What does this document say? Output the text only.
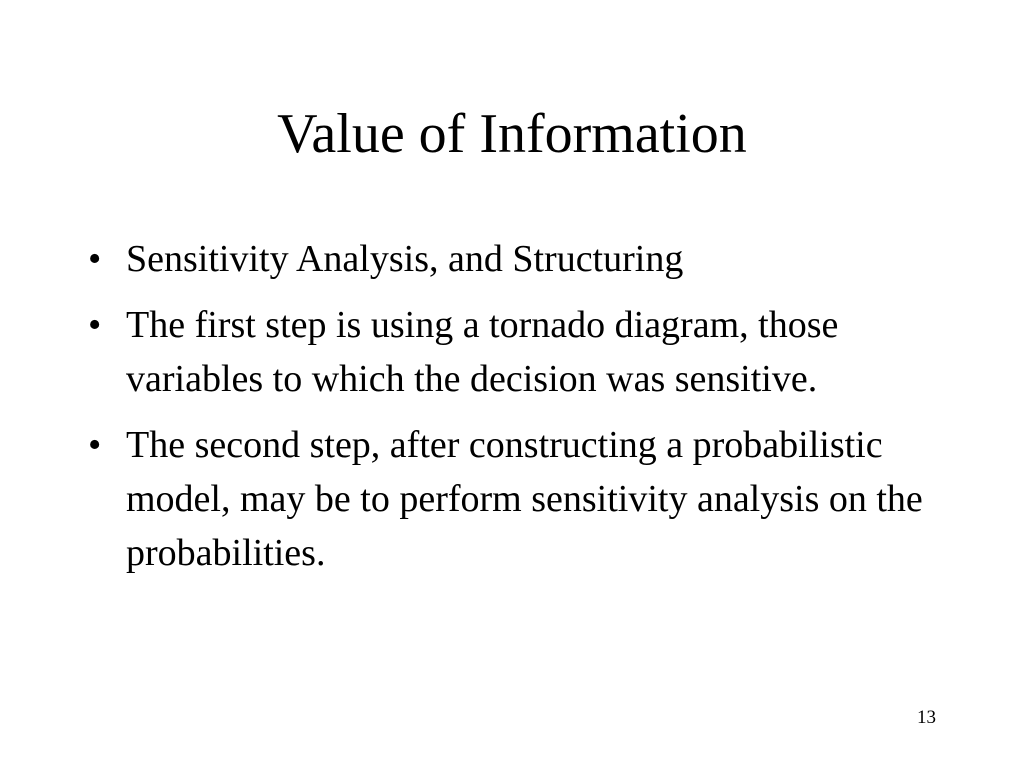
Value of Information
• Sensitivity Analysis, and Structuring
• The first step is using a tornado diagram, those variables to which the decision was sensitive.
• The second step, after constructing a probabilistic model, may be to perform sensitivity analysis on the probabilities.
13
